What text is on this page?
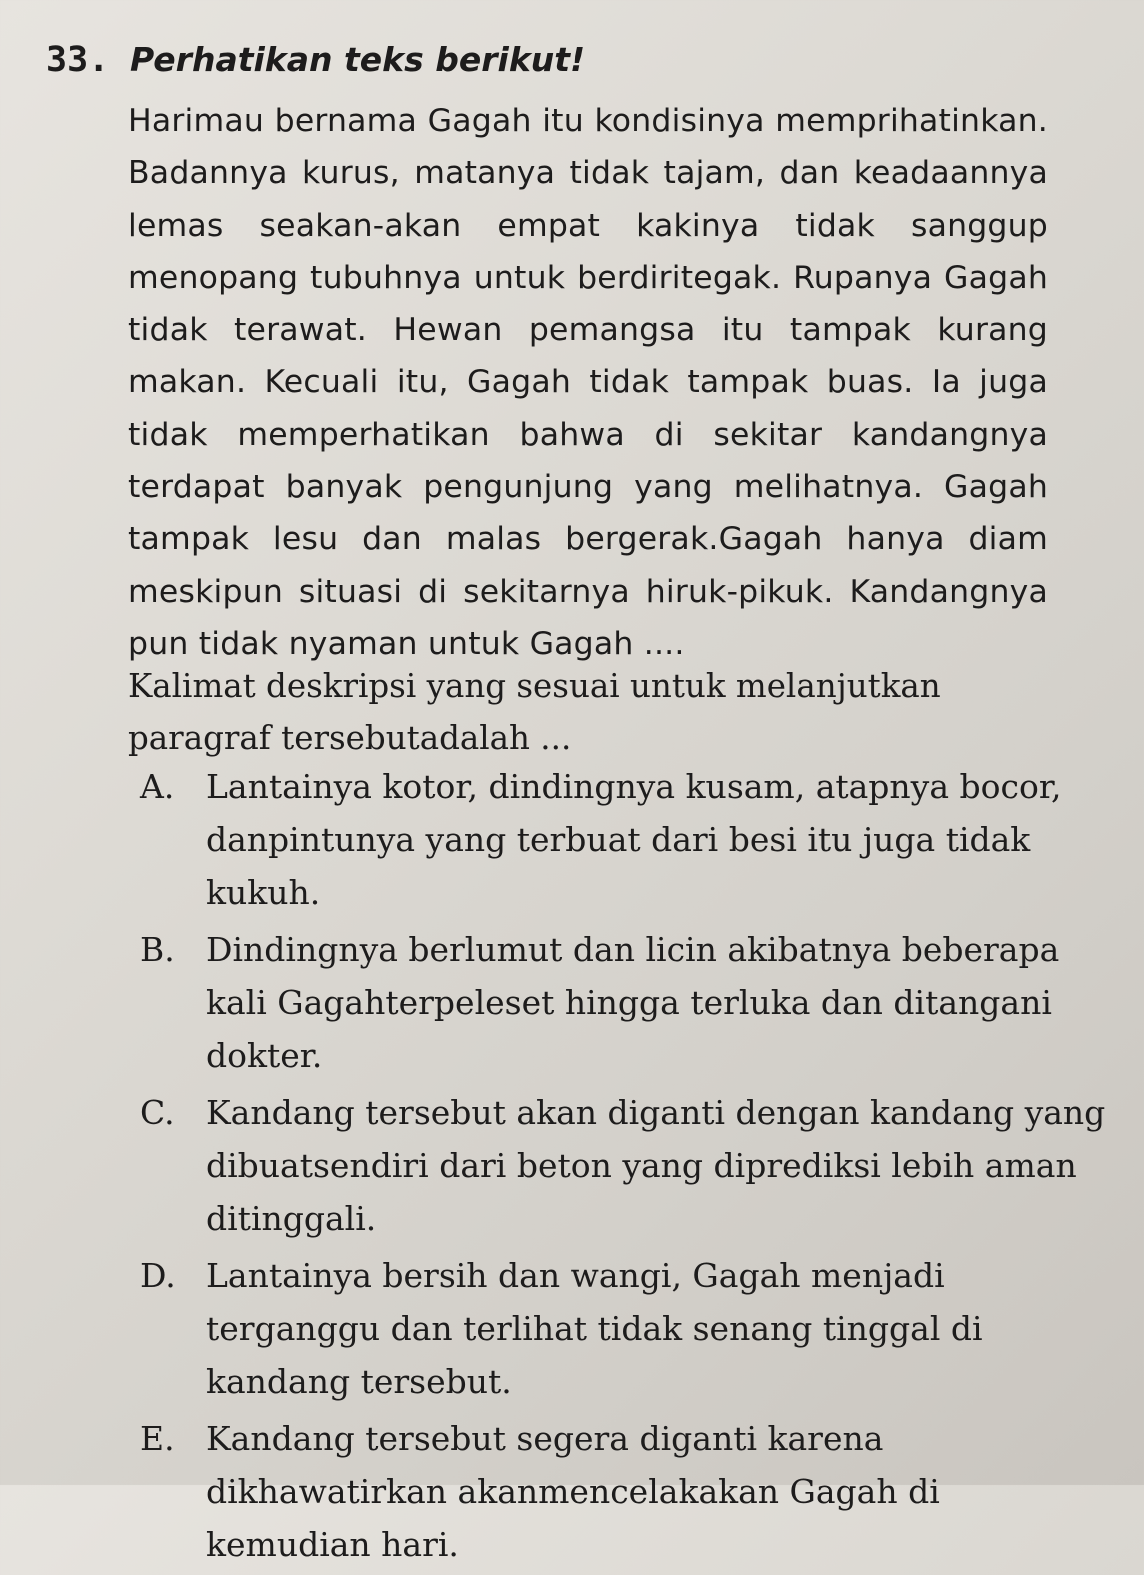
33. Perhatikan teks berikut!
Harimau bernama Gagah itu kondisinya memprihatinkan. Badannya kurus, matanya tidak tajam, dan keadaannya lemas seakan-akan empat kakinya tidak sanggup menopang tubuhnya untuk berdiritegak. Rupanya Gagah tidak terawat. Hewan pemangsa itu tampak kurang makan. Kecuali itu, Gagah tidak tampak buas. Ia juga tidak memperhatikan bahwa di sekitar kandangnya terdapat banyak pengunjung yang melihatnya. Gagah tampak lesu dan malas bergerak.Gagah hanya diam meskipun situasi di sekitarnya hiruk-pikuk. Kandangnya pun tidak nyaman untuk Gagah ....
Kalimat deskripsi yang sesuai untuk melanjutkan paragraf tersebutadalah ...
A. Lantainya kotor, dindingnya kusam, atapnya bocor, danpintunya yang terbuat dari besi itu juga tidak kukuh.
B. Dindingnya berlumut dan licin akibatnya beberapa kali Gagahterpeleset hingga terluka dan ditangani dokter.
C. Kandang tersebut akan diganti dengan kandang yang dibuatsendiri dari beton yang diprediksi lebih aman ditinggali.
D. Lantainya bersih dan wangi, Gagah menjadi terganggu dan terlihat tidak senang tinggal di kandang tersebut.
E. Kandang tersebut segera diganti karena dikhawatirkan akanmencelakakan Gagah di kemudian hari.
